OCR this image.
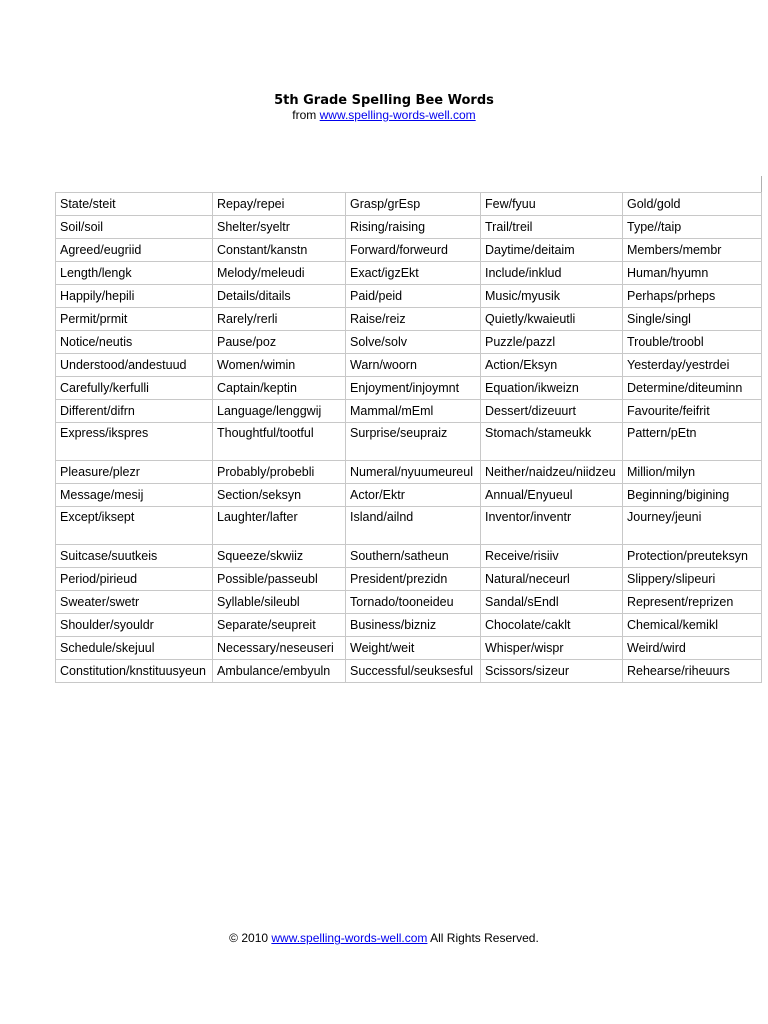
5th Grade Spelling Bee Words
from www.spelling-words-well.com
State/steit	Repay/repei	Grasp/grEsp	Few/fyuu	Gold/gold
Soil/soil	Shelter/syeltr	Rising/raising	Trail/treil	Type//taip
Agreed/eugriid	Constant/kanstn	Forward/forweurd	Daytime/deitaim	Members/membr
Length/lengk	Melody/meleudi	Exact/igzEkt	Include/inklud	Human/hyumn
Happily/hepili	Details/ditails	Paid/peid	Music/myusik	Perhaps/prheps
Permit/prmit	Rarely/rerli	Raise/reiz	Quietly/kwaieutli	Single/singl
Notice/neutis	Pause/poz	Solve/solv	Puzzle/pazzl	Trouble/troobl
Understood/andestuud	Women/wimin	Warn/woorn	Action/Eksyn	Yesterday/yestrdei
Carefully/kerfulli	Captain/keptin	Enjoyment/injoymnt	Equation/ikweizn	Determine/diteuminn
Different/difrn	Language/lenggwij	Mammal/mEml	Dessert/dizeuurt	Favourite/feifrit
Express/ikspres	Thoughtful/tootful	Surprise/seupraiz	Stomach/stameukk	Pattern/pEtn
Pleasure/plezr	Probably/probebli	Numeral/nyuumeureul	Neither/naidzeu/niidzeu	Million/milyn
Message/mesij	Section/seksyn	Actor/Ektr	Annual/Enyueul	Beginning/bigining
Except/iksept	Laughter/lafter	Island/ailnd	Inventor/inventr	Journey/jeuni
Suitcase/suutkeis	Squeeze/skwiiz	Southern/satheun	Receive/risiiv	Protection/preuteksyn
Period/pirieud	Possible/passeubl	President/prezidn	Natural/neceurl	Slippery/slipeuri
Sweater/swetr	Syllable/sileubl	Tornado/tooneideu	Sandal/sEndl	Represent/reprizen
Shoulder/syouldr	Separate/seupreit	Business/bizniz	Chocolate/caklt	Chemical/kemikl
Schedule/skejuul	Necessary/neseuseri	Weight/weit	Whisper/wispr	Weird/wird
Constitution/knstituusyeun	Ambulance/embyuln	Successful/seuksesful	Scissors/sizeur	Rehearse/riheuurs
© 2010 www.spelling-words-well.com All Rights Reserved.
